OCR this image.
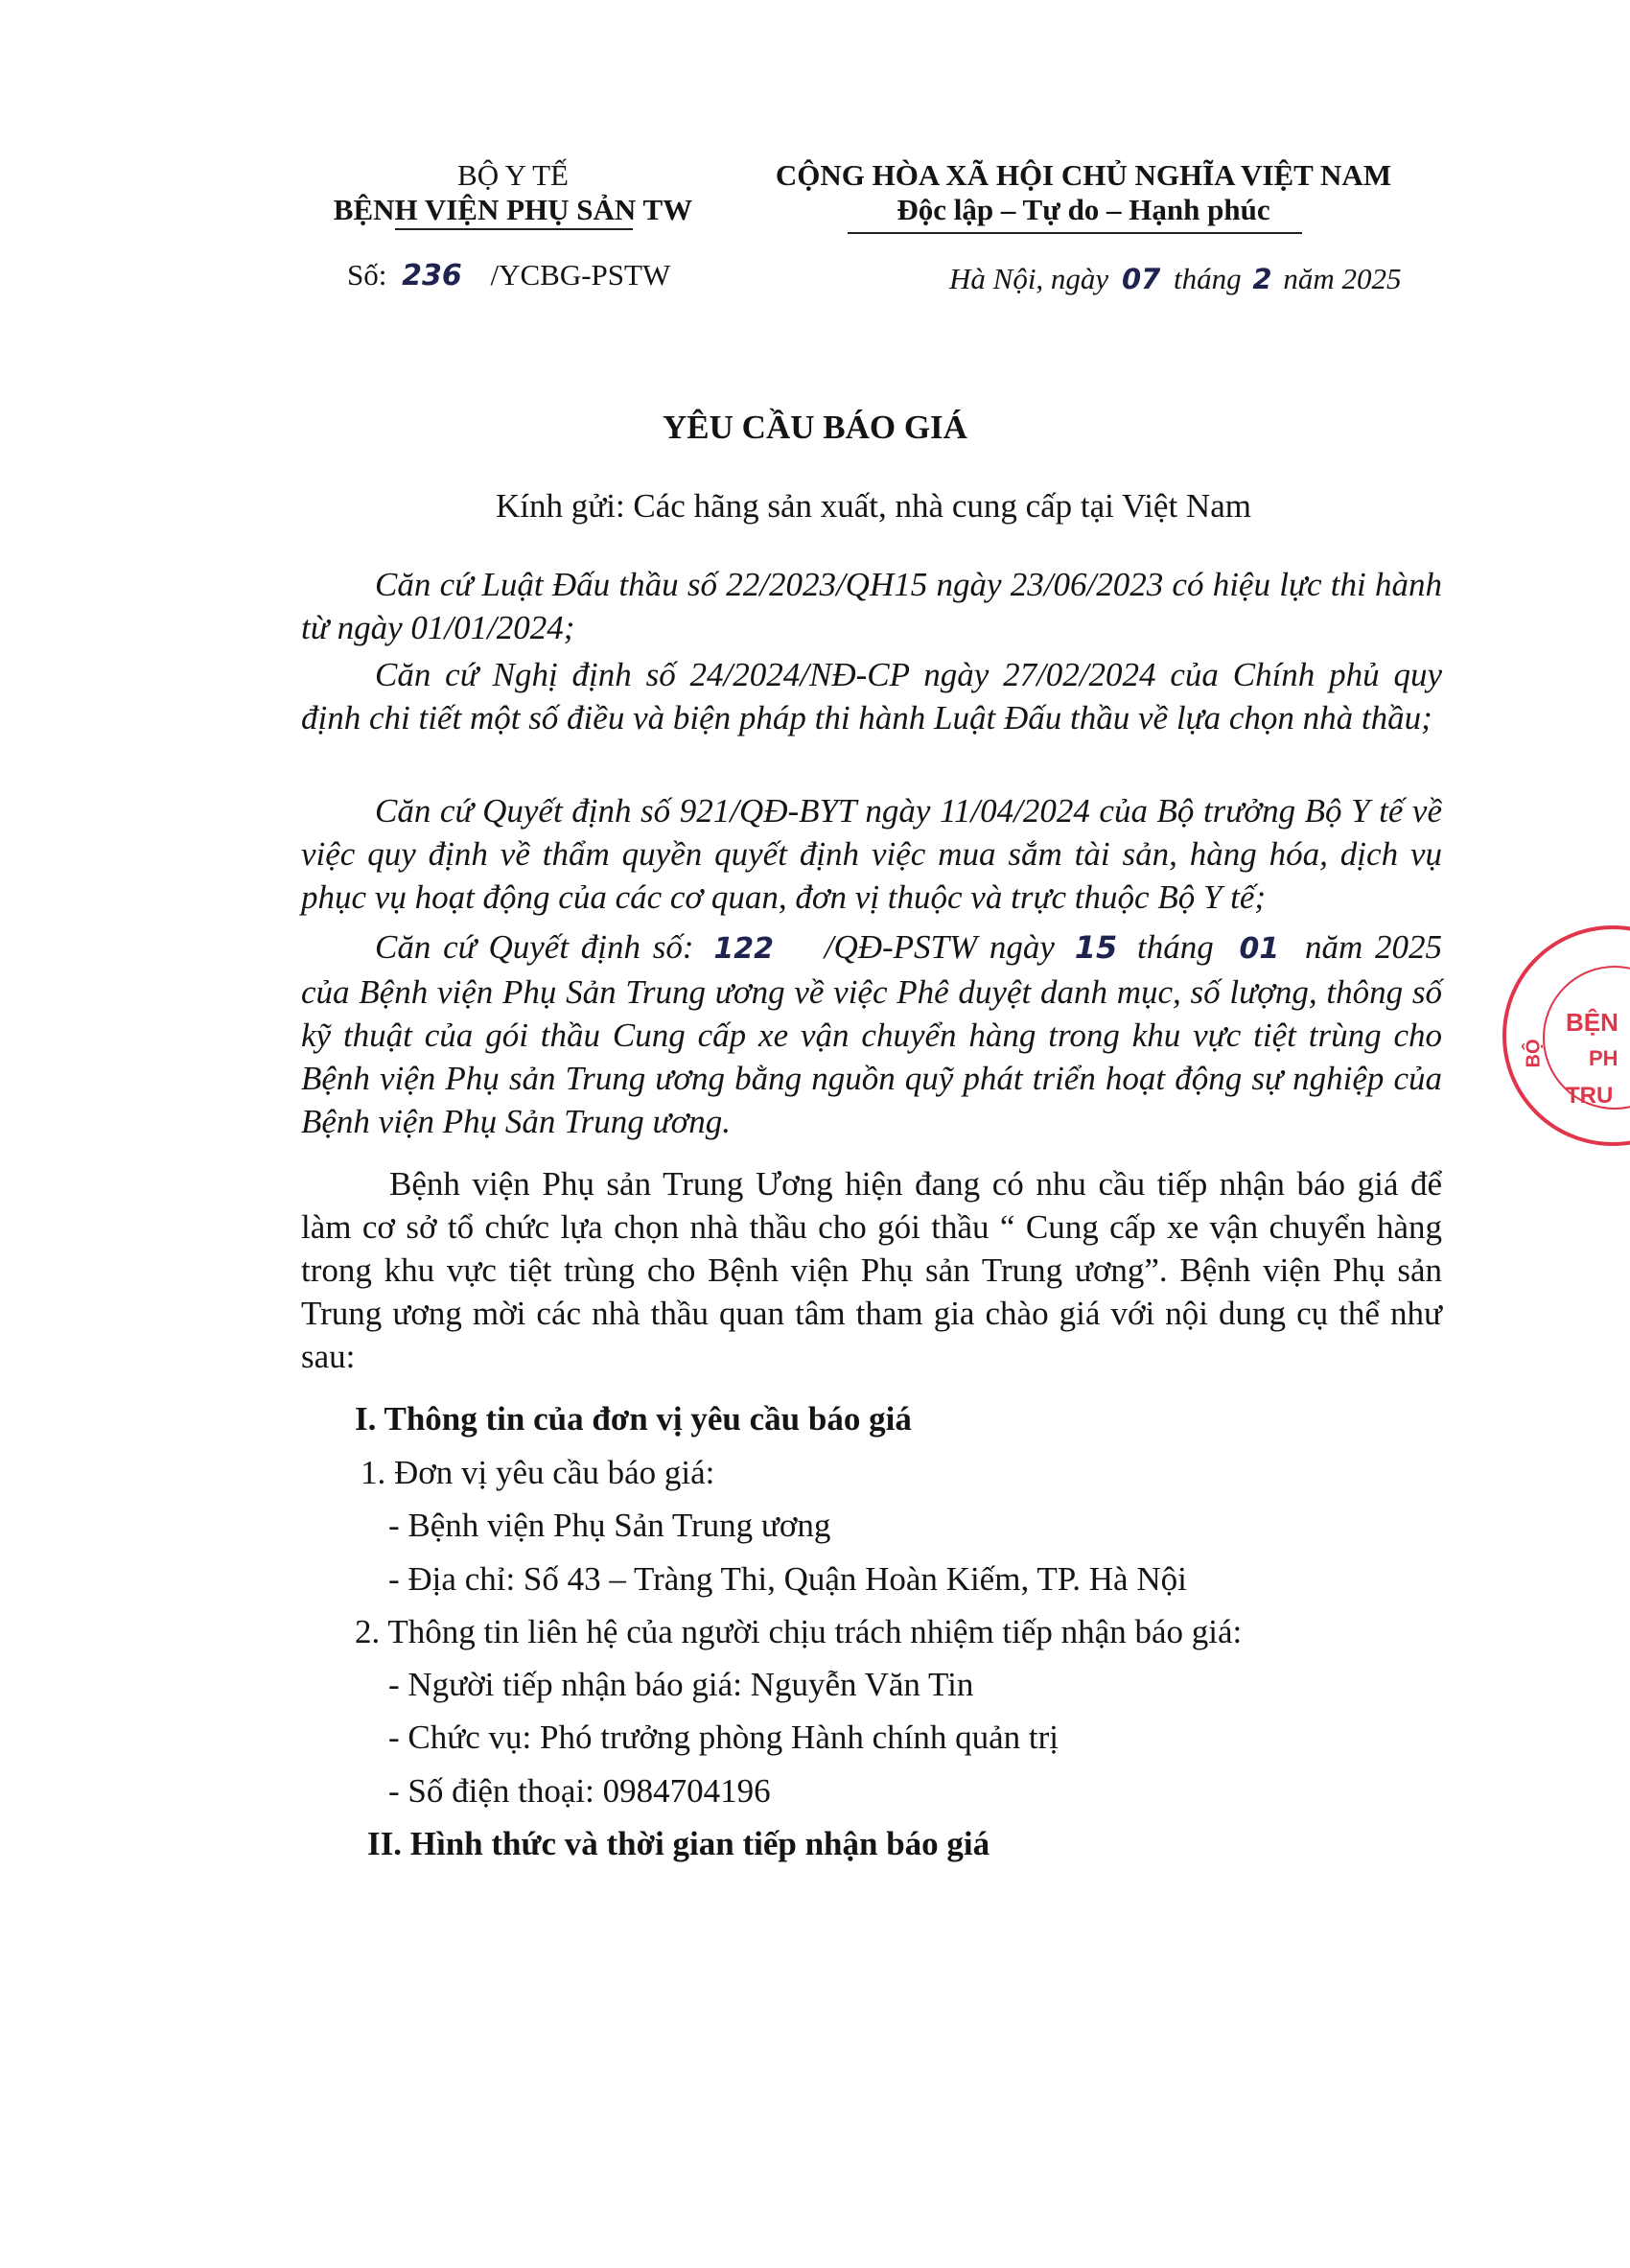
BỘ Y TẾ
BỆNH VIỆN PHỤ SẢN TW
Số: 236 /YCBG-PSTW
CỘNG HÒA XÃ HỘI CHỦ NGHĨA VIỆT NAM
Độc lập – Tự do – Hạnh phúc
Hà Nội, ngày 07 tháng 2 năm 2025
YÊU CẦU BÁO GIÁ
Kính gửi: Các hãng sản xuất, nhà cung cấp tại Việt Nam
Căn cứ Luật Đấu thầu số 22/2023/QH15 ngày 23/06/2023 có hiệu lực thi hành từ ngày 01/01/2024;
Căn cứ Nghị định số 24/2024/NĐ-CP ngày 27/02/2024 của Chính phủ quy định chi tiết một số điều và biện pháp thi hành Luật Đấu thầu về lựa chọn nhà thầu;
Căn cứ Quyết định số 921/QĐ-BYT ngày 11/04/2024 của Bộ trưởng Bộ Y tế về việc quy định về thẩm quyền quyết định việc mua sắm tài sản, hàng hóa, dịch vụ phục vụ hoạt động của các cơ quan, đơn vị thuộc và trực thuộc Bộ Y tế;
Căn cứ Quyết định số: 122 /QĐ-PSTW ngày 15 tháng 01 năm 2025 của Bệnh viện Phụ Sản Trung ương về việc Phê duyệt danh mục, số lượng, thông số kỹ thuật của gói thầu Cung cấp xe vận chuyển hàng trong khu vực tiệt trùng cho Bệnh viện Phụ sản Trung ương bằng nguồn quỹ phát triển hoạt động sự nghiệp của Bệnh viện Phụ Sản Trung ương.
Bệnh viện Phụ sản Trung Ương hiện đang có nhu cầu tiếp nhận báo giá để làm cơ sở tổ chức lựa chọn nhà thầu cho gói thầu “ Cung cấp xe vận chuyển hàng trong khu vực tiệt trùng cho Bệnh viện Phụ sản Trung ương”. Bệnh viện Phụ sản Trung ương mời các nhà thầu quan tâm tham gia chào giá với nội dung cụ thể như sau:
I. Thông tin của đơn vị yêu cầu báo giá
1. Đơn vị yêu cầu báo giá:
- Bệnh viện Phụ Sản Trung ương
- Địa chỉ: Số 43 – Tràng Thi, Quận Hoàn Kiếm, TP. Hà Nội
2. Thông tin liên hệ của người chịu trách nhiệm tiếp nhận báo giá:
- Người tiếp nhận báo giá: Nguyễn Văn Tin
- Chức vụ: Phó trưởng phòng Hành chính quản trị
- Số điện thoại: 0984704196
II. Hình thức và thời gian tiếp nhận báo giá
BỆN
PH
TRU
BỘ
